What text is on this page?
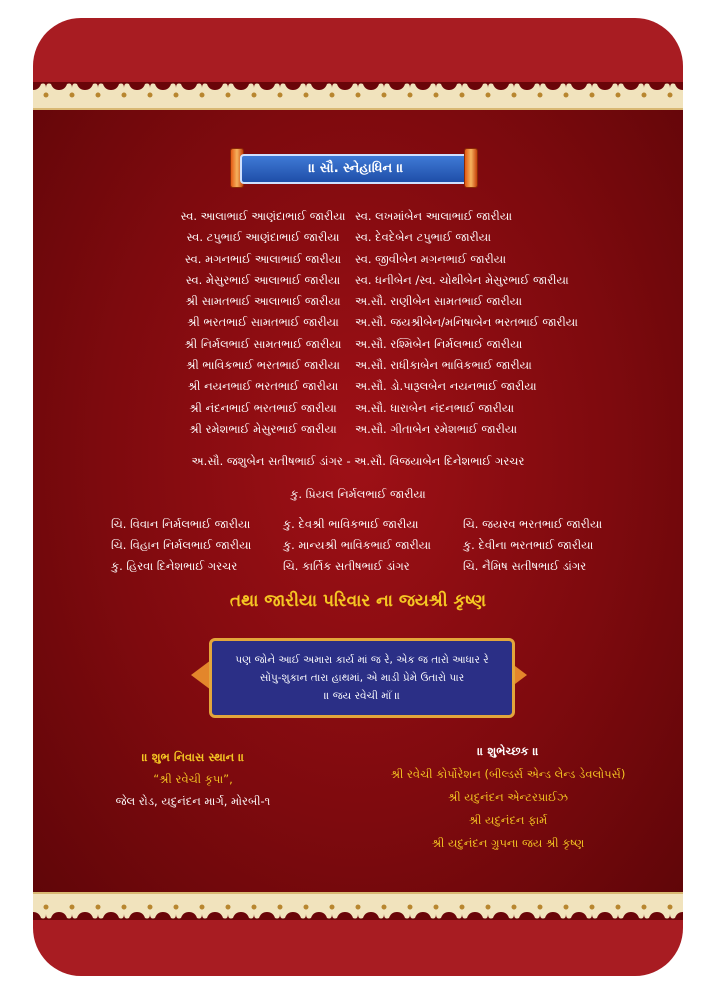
॥ સૌ. સ્નેહાધિન ॥
સ્વ. આલાભાઈ આણંદાભાઈ જારીયા
સ્વ. ટપુભાઈ આણંદાભાઈ જારીયા
સ્વ. મગનભાઈ આલાભાઈ જારીયા
સ્વ. મેસુરભાઈ આલાભાઈ જારીયા
શ્રી સામતભાઈ આલાભાઈ જારીયા
શ્રી ભરતભાઈ સામતભાઈ જારીયા
શ્રી નિર્મલભાઈ સામતભાઈ જારીયા
શ્રી ભાવિકભાઈ ભરતભાઈ જારીયા
શ્રી નયનભાઈ ભરતભાઈ જારીયા
શ્રી નંદનભાઈ ભરતભાઈ જારીયા
શ્રી રમેશભાઈ મેસુરભાઈ જારીયા
સ્વ. લખમાંબેન આલાભાઈ જારીયા
સ્વ. દેવદેબેન ટપુભાઈ જારીયા
સ્વ. જીવીબેન મગનભાઈ જારીયા
સ્વ. ધનીબેન /સ્વ. ચોથીબેન મેસુરભાઈ જારીયા
અ.સૌ. રાણીબેન સામતભાઈ જારીયા
અ.સૌ. જયશ્રીબેન/મનિષાબેન ભરતભાઈ જારીયા
અ.સૌ. રશ્મિબેન નિર્મલભાઈ જારીયા
અ.સૌ. રાધીકાબેન ભાવિકભાઈ જારીયા
અ.સૌ. ડો.પારૂલબેન નયનભાઈ જારીયા
અ.સૌ. ધારાબેન નંદનભાઈ જારીયા
અ.સૌ. ગીતાબેન રમેશભાઈ જારીયા
અ.સૌ. જશુબેન સતીષભાઈ ડાંગર - અ.સૌ. વિજયાબેન દિનેશભાઈ ગરચર
કુ. પ્રિયલ નિર્મલભાઈ જારીયા
ચિ. વિવાન નિર્મલભાઈ જારીયા
ચિ. વિહાન નિર્મલભાઈ જારીયા
કુ. હિરવા દિનેશભાઈ ગરચર
કુ. દેવશ્રી ભાવિકભાઈ જારીયા
કુ. માન્યશ્રી ભાવિકભાઈ જારીયા
ચિ. કાર્તિક સતીષભાઈ ડાંગર
ચિ. જયરવ ભરતભાઈ જારીયા
કુ. દેવીના ભરતભાઈ જારીયા
ચિ. નૈમિષ સતીષભાઈ ડાંગર
તથા જારીયા પરિવાર ના જયશ્રી કૃષ્ણ
પણ જોને આઈ અમારા કાર્ય માં જ રે, એક જ તારો આધાર રે
સોંપુ-શુકાન તારા હાથમાં, એ માડી પ્રેમે ઉતારો પાર
॥ જય રવેચી માઁ ॥
॥ શુભ નિવાસ સ્થાન ॥
“શ્રી રવેચી કૃપા”,
જેલ રોડ, યદુનંદન માર્ગ, મોરબી-૧
॥ શુભેચ્છક ॥
શ્રી રવેચી કોર્પોરેશન (બીલ્ડર્સ એન્ડ લેન્ડ ડેવલોપર્સ)
શ્રી યદુનંદન એન્ટરપ્રાઈઝ
શ્રી યદુનંદન ફાર્મ
શ્રી યદુનંદન ગ્રુપના જય શ્રી કૃષ્ણ
